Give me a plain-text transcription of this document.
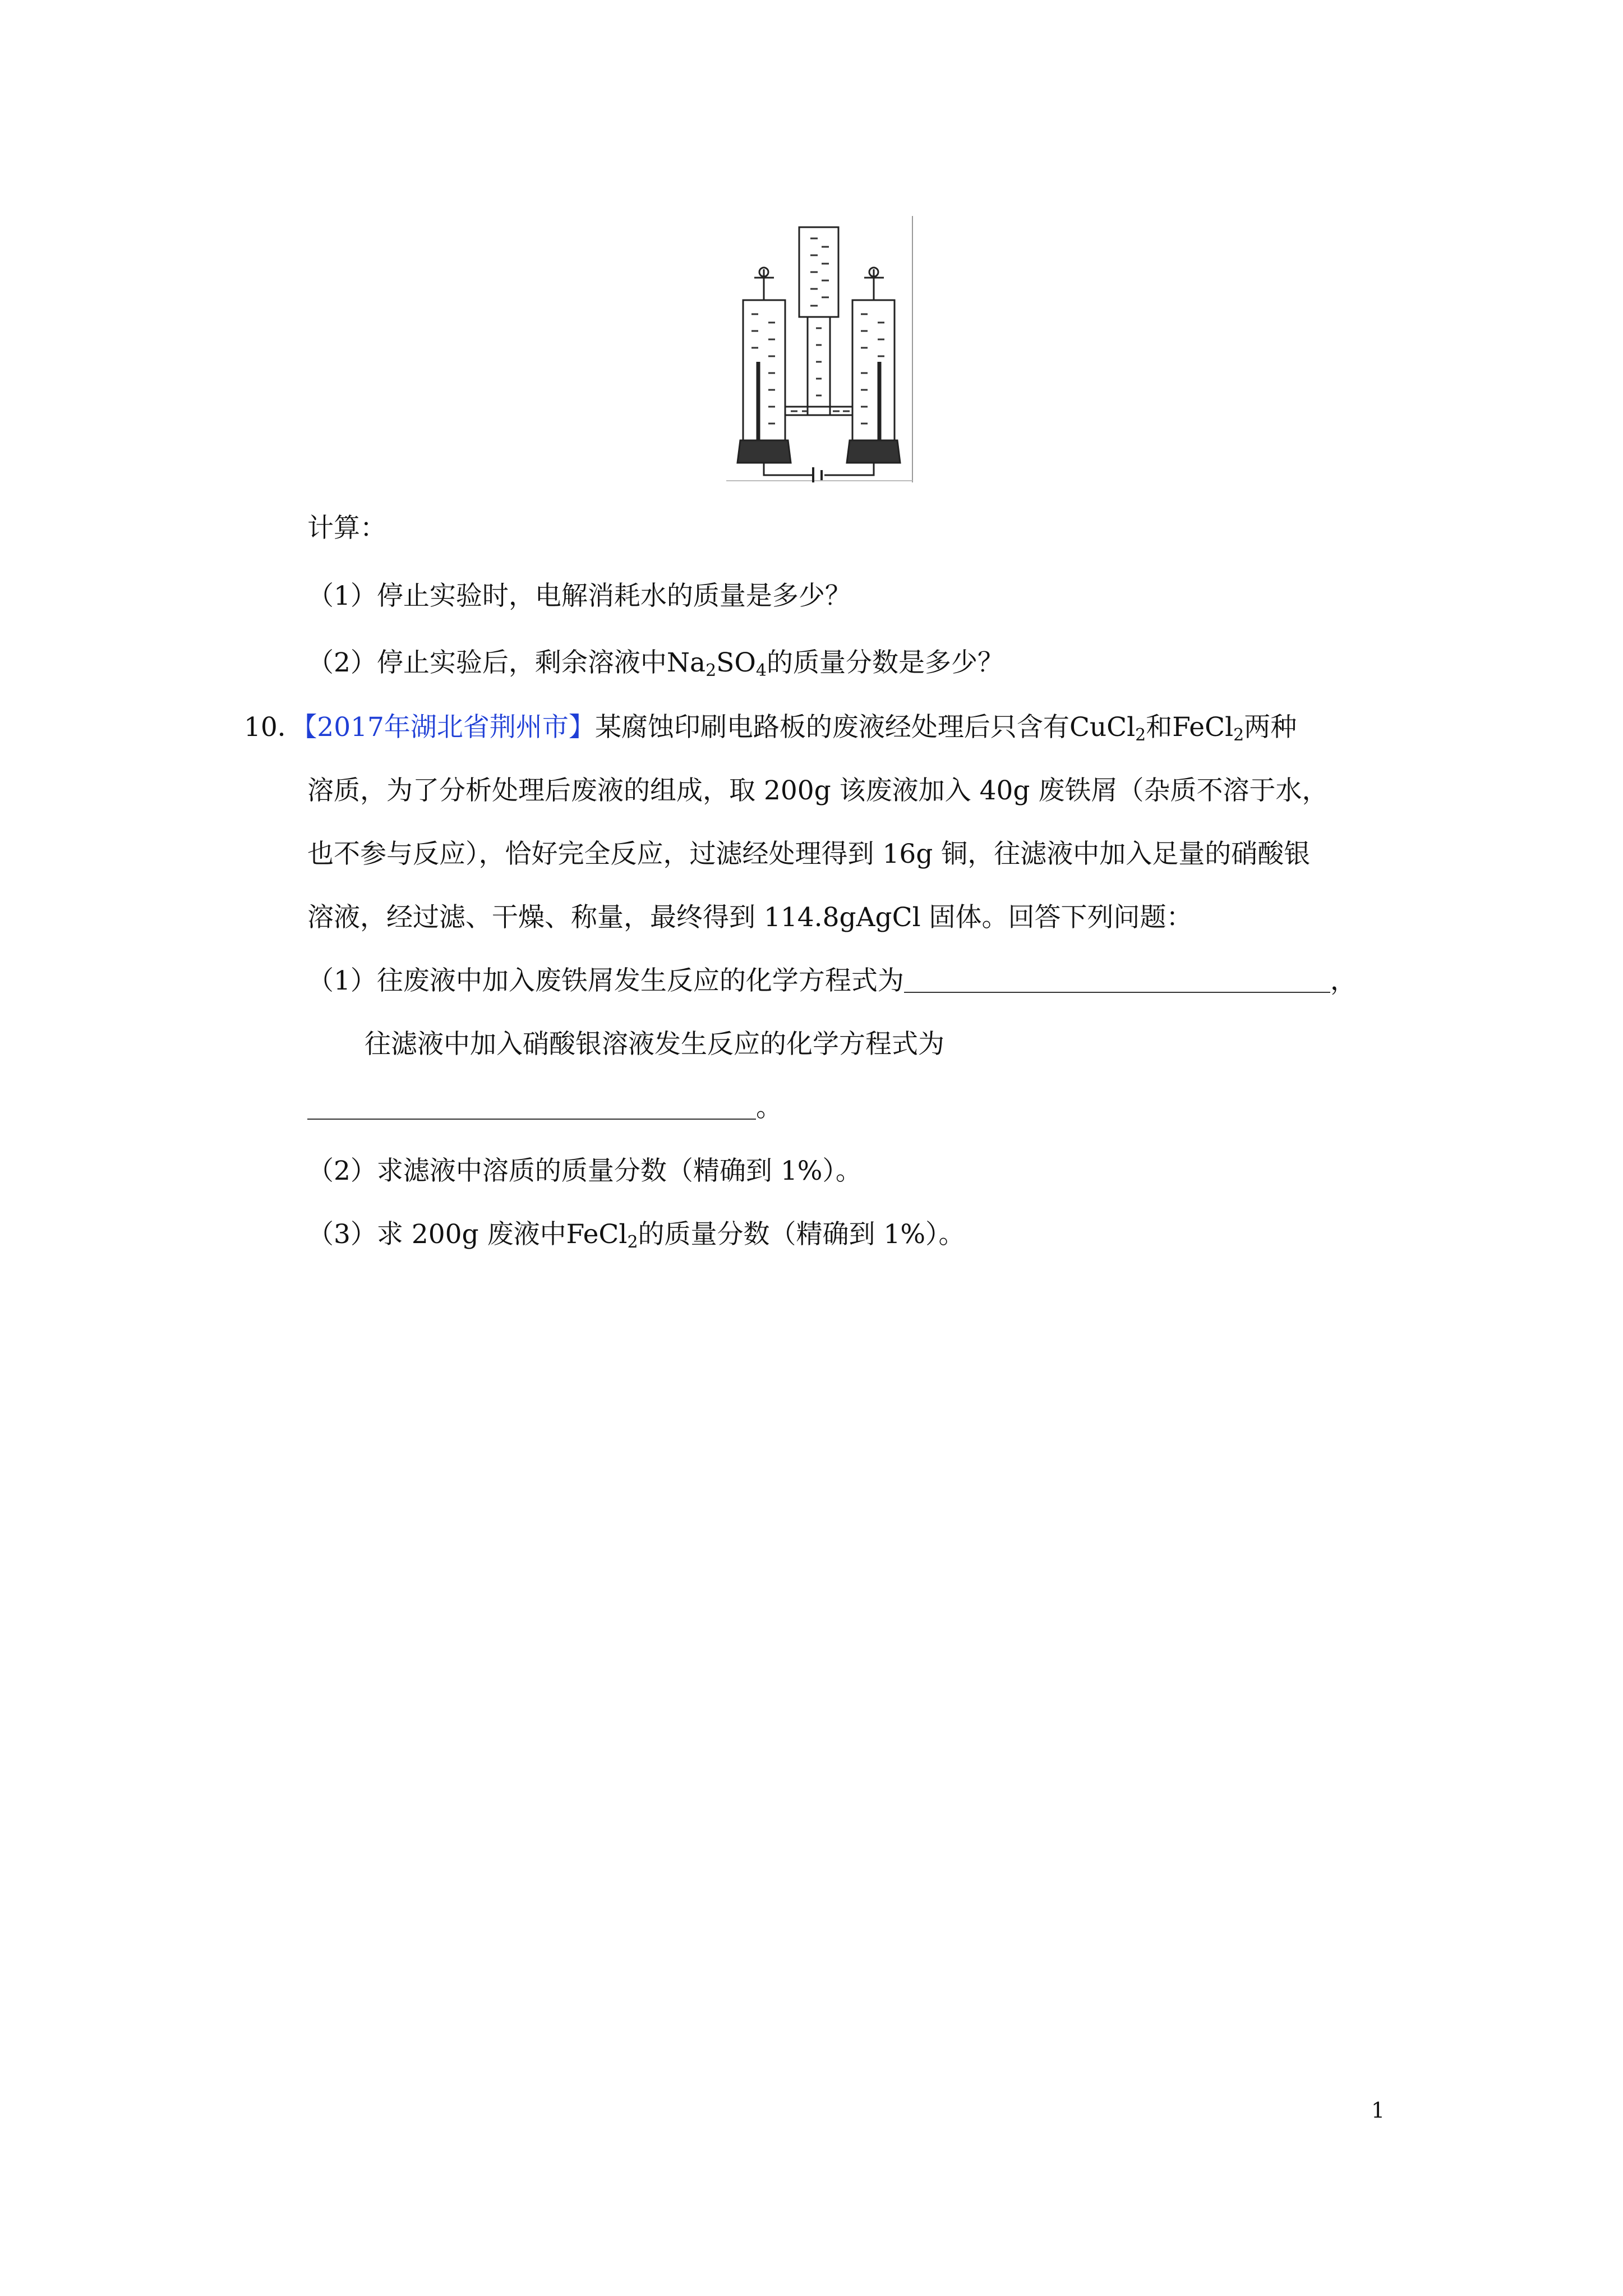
计算：
（1）停止实验时，电解消耗水的质量是多少？
（2）停止实验后，剩余溶液中$Na_2SO_4$的质量分数是多少？
10．【2017年湖北省荆州市】某腐蚀印刷电路板的废液经处理后只含有CuCl$_2$和FeCl$_2$两种
溶质，为了分析处理后废液的组成，取 200g 该废液加入 40g 废铁屑（杂质不溶于水，
也不参与反应），恰好完全反应，过滤经处理得到 16g 铜，往滤液中加入足量的硝酸银
溶液，经过滤、干燥、称量，最终得到 114.8gAgCl 固体。回答下列问题：
（1）往废液中加入废铁屑发生反应的化学方程式为	，
往滤液中加入硝酸银溶液发生反应的化学方程式为
。
（2）求滤液中溶质的质量分数（精确到 1%）。
（3）求 200g 废液中FeCl$_2$的质量分数（精确到 1%）。
1
